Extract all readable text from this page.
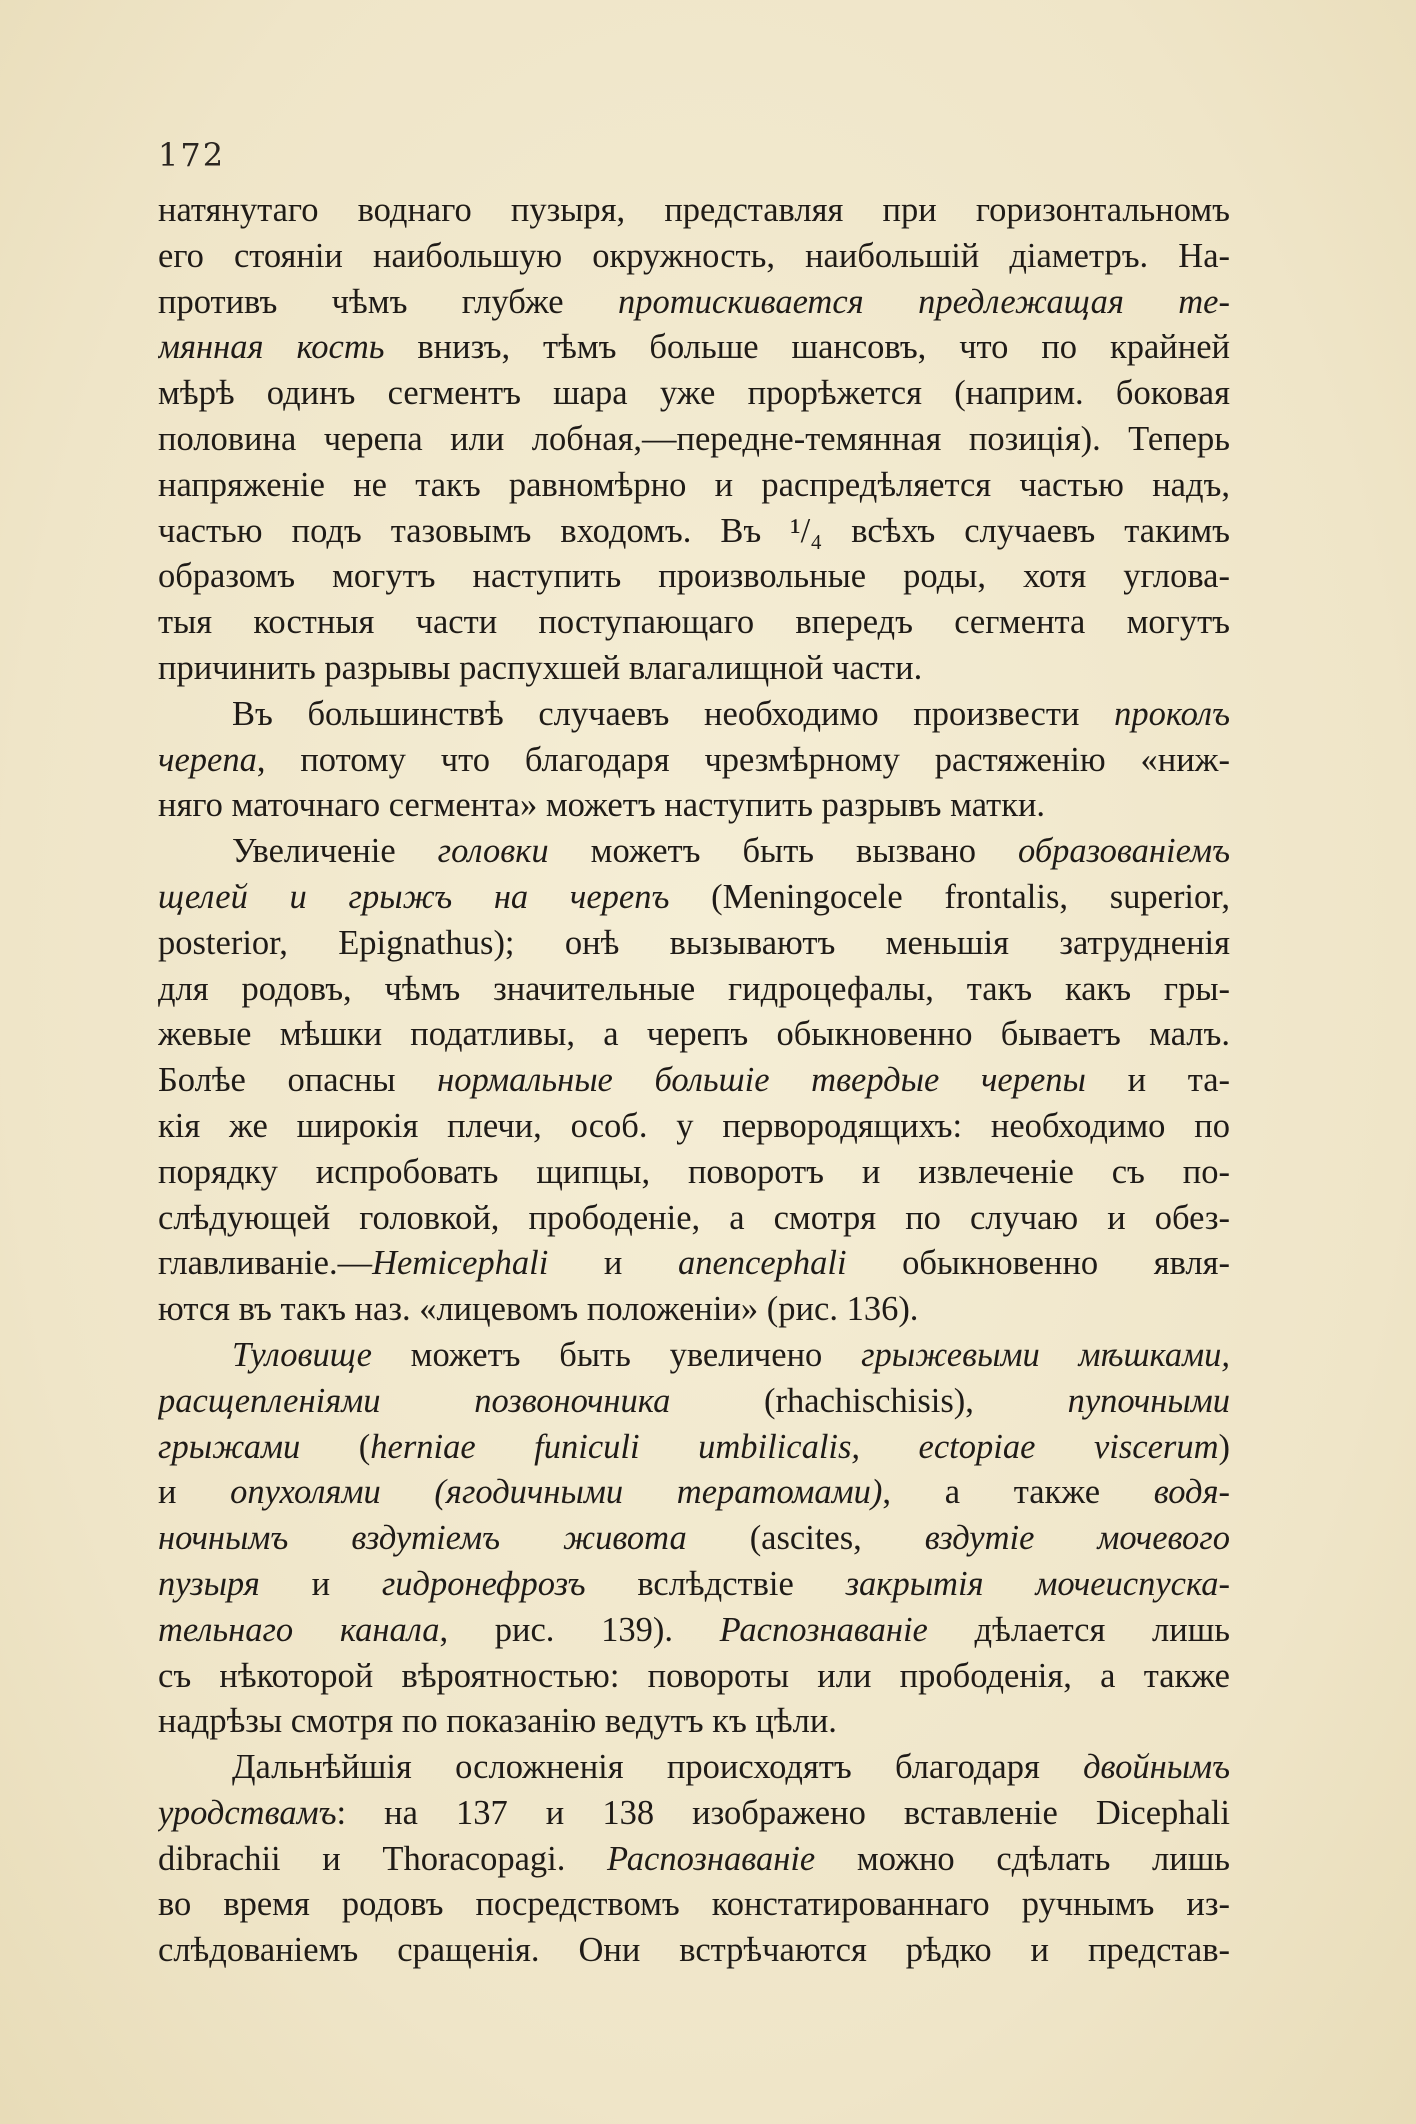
172
натянутаго воднаго пузыря, представляя при горизонтальномъ
его стояніи наибольшую окружность, наибольшій діаметръ. На-
противъ чѣмъ глубже протискивается предлежащая те-
мянная кость внизъ, тѣмъ больше шансовъ, что по крайней
мѣрѣ одинъ сегментъ шара уже прорѣжется (наприм. боковая
половина черепа или лобная,—передне-темянная позиція). Теперь
напряженіе не такъ равномѣрно и распредѣляется частью надъ,
частью подъ тазовымъ входомъ. Въ ¹/₄ всѣхъ случаевъ такимъ
образомъ могутъ наступить произвольные роды, хотя углова-
тыя костныя части поступающаго впередъ сегмента могутъ
причинить разрывы распухшей влагалищной части.
Въ большинствѣ случаевъ необходимо произвести проколъ
черепа, потому что благодаря чрезмѣрному растяженію «ниж-
няго маточнаго сегмента» можетъ наступить разрывъ матки.
Увеличеніе головки можетъ быть вызвано образованіемъ
щелей и грыжъ на черепъ (Meningocele frontalis, superior,
posterior, Epignathus); онѣ вызываютъ меньшія затрудненія
для родовъ, чѣмъ значительные гидроцефалы, такъ какъ гры-
жевые мѣшки податливы, а черепъ обыкновенно бываетъ малъ.
Болѣе опасны нормальные большіе твердые черепы и та-
кія же широкія плечи, особ. у первородящихъ: необходимо по
порядку испробовать щипцы, поворотъ и извлеченіе съ по-
слѣдующей головкой, прободеніе, а смотря по случаю и обез-
главливаніе.—Hemicephali и anencephali обыкновенно явля-
ются въ такъ наз. «лицевомъ положеніи» (рис. 136).
Туловище можетъ быть увеличено грыжевыми мѣшками,
расщепленіями позвоночника (rhachischisis), пупочными
грыжами (herniae funiculi umbilicalis, ectopiae viscerum)
и опухолями (ягодичными тератомами), а также водя-
ночнымъ вздутіемъ живота (ascites, вздутіе мочевого
пузыря и гидронефрозъ вслѣдствіе закрытія мочеиспуска-
тельнаго канала, рис. 139). Распознаваніе дѣлается лишь
съ нѣкоторой вѣроятностью: повороты или прободенія, а также
надрѣзы смотря по показанію ведутъ къ цѣли.
Дальнѣйшія осложненія происходятъ благодаря двойнымъ
уродствамъ: на 137 и 138 изображено вставленіе Dicephali
dibrachii и Thoracopagi. Распознаваніе можно сдѣлать лишь
во время родовъ посредствомъ констатированнаго ручнымъ из-
слѣдованіемъ сращенія. Они встрѣчаются рѣдко и представ-
